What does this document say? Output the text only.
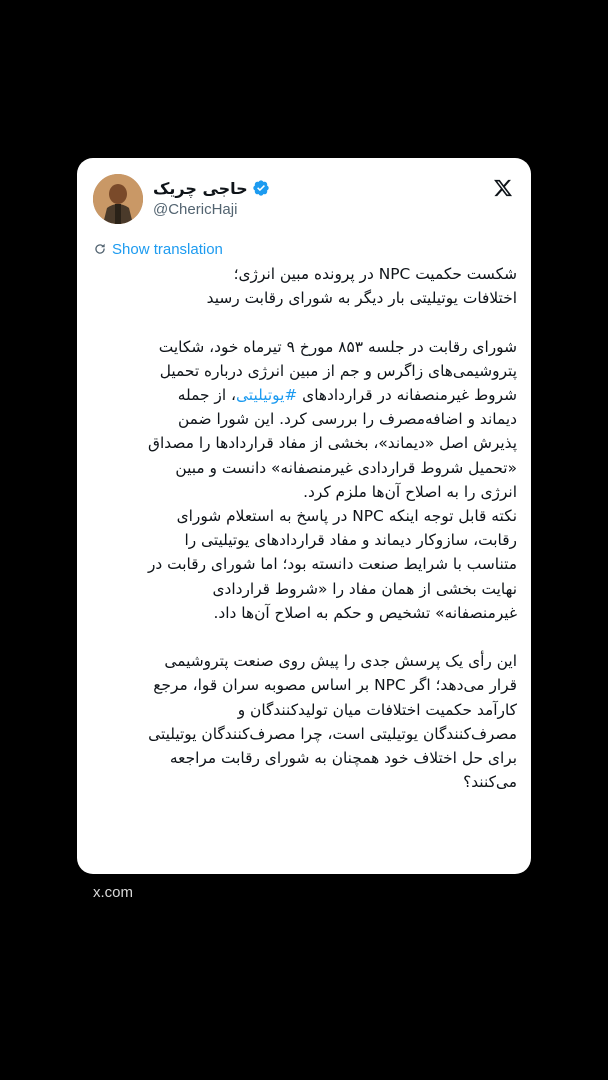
حاجی چریک
@ChericHaji
Show translation

شکست حکمیت NPC در پرونده مبین انرژی؛

اختلافات یوتیلیتی بار دیگر به شورای رقابت رسید

شورای رقابت در جلسه ۸۵۳ مورخ ۹ تیرماه خود، شکایت

پتروشیمی‌های زاگرس و جم از مبین انرژی درباره تحمیل

شروط غیرمنصفانه در قراردادهای #یوتیلیتی، از جمله

دیماند و اضافه‌مصرف را بررسی کرد. این شورا ضمن

پذیرش اصل «دیماند»، بخشی از مفاد قراردادها را مصداق

«تحمیل شروط قراردادی غیرمنصفانه» دانست و مبین

انرژی را به اصلاح آن‌ها ملزم کرد.

نکته قابل توجه اینکه NPC در پاسخ به استعلام شورای

رقابت، سازوکار دیماند و مفاد قراردادهای یوتیلیتی را

متناسب با شرایط صنعت دانسته بود؛ اما شورای رقابت در

نهایت بخشی از همان مفاد را «شروط قراردادی

غیرمنصفانه» تشخیص و حکم به اصلاح آن‌ها داد.

این رأی یک پرسش جدی را پیش روی صنعت پتروشیمی

قرار می‌دهد؛ اگر NPC بر اساس مصوبه سران قوا، مرجع

کارآمد حکمیت اختلافات میان تولیدکنندگان و

مصرف‌کنندگان یوتیلیتی است، چرا مصرف‌کنندگان یوتیلیتی

برای حل اختلاف خود همچنان به شورای رقابت مراجعه

می‌کنند؟

x.com
